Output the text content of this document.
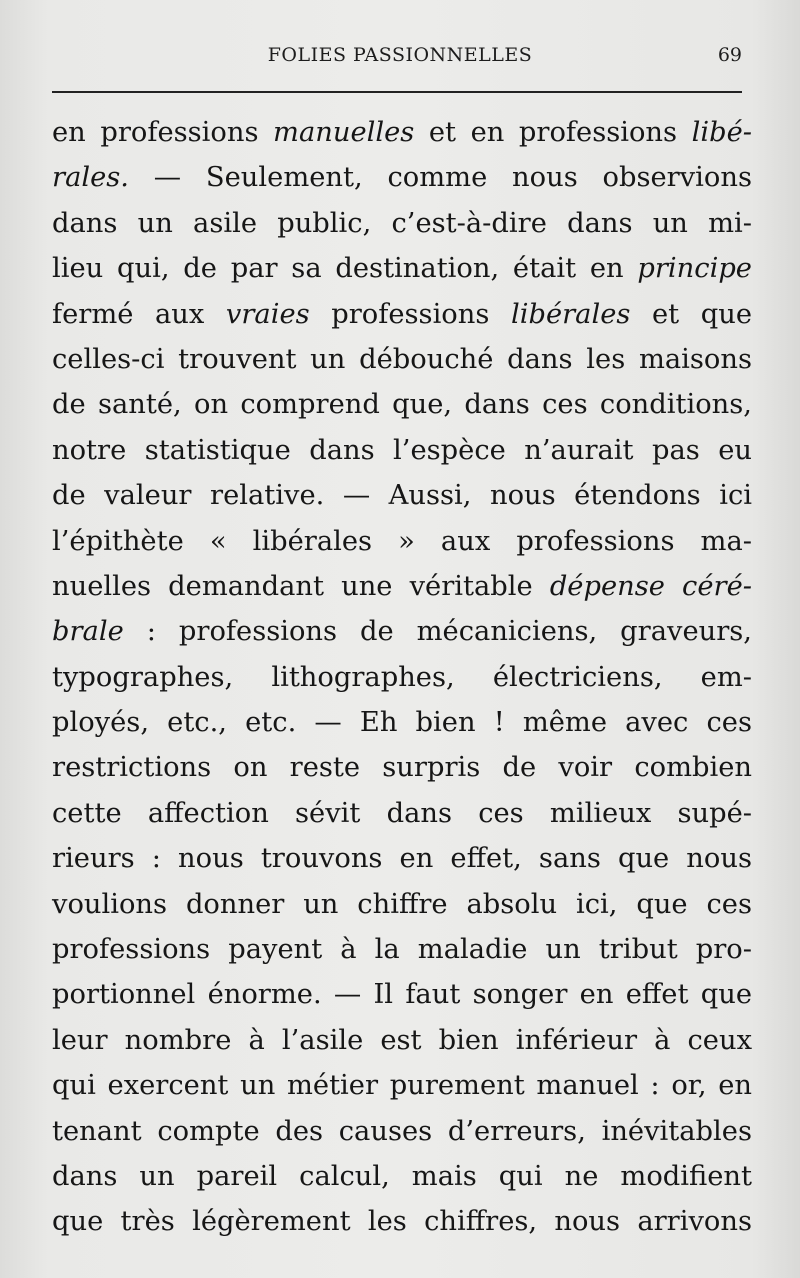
FOLIES PASSIONNELLES	69
en professions manuelles et en professions libé-
rales. — Seulement, comme nous observions
dans un asile public, c’est-à-dire dans un mi-
lieu qui, de par sa destination, était en principe
fermé aux vraies professions libérales et que
celles-ci trouvent un débouché dans les maisons
de santé, on comprend que, dans ces conditions,
notre statistique dans l’espèce n’aurait pas eu
de valeur relative. — Aussi, nous étendons ici
l’épithète « libérales » aux professions ma-
nuelles demandant une véritable dépense céré-
brale : professions de mécaniciens, graveurs,
typographes, lithographes, électriciens, em-
ployés, etc., etc. — Eh bien ! même avec ces
restrictions on reste surpris de voir combien
cette affection sévit dans ces milieux supé-
rieurs : nous trouvons en effet, sans que nous
voulions donner un chiffre absolu ici, que ces
professions payent à la maladie un tribut pro-
portionnel énorme. — Il faut songer en effet que
leur nombre à l’asile est bien inférieur à ceux
qui exercent un métier purement manuel : or, en
tenant compte des causes d’erreurs, inévitables
dans un pareil calcul, mais qui ne modifient
que très légèrement les chiffres, nous arrivons
